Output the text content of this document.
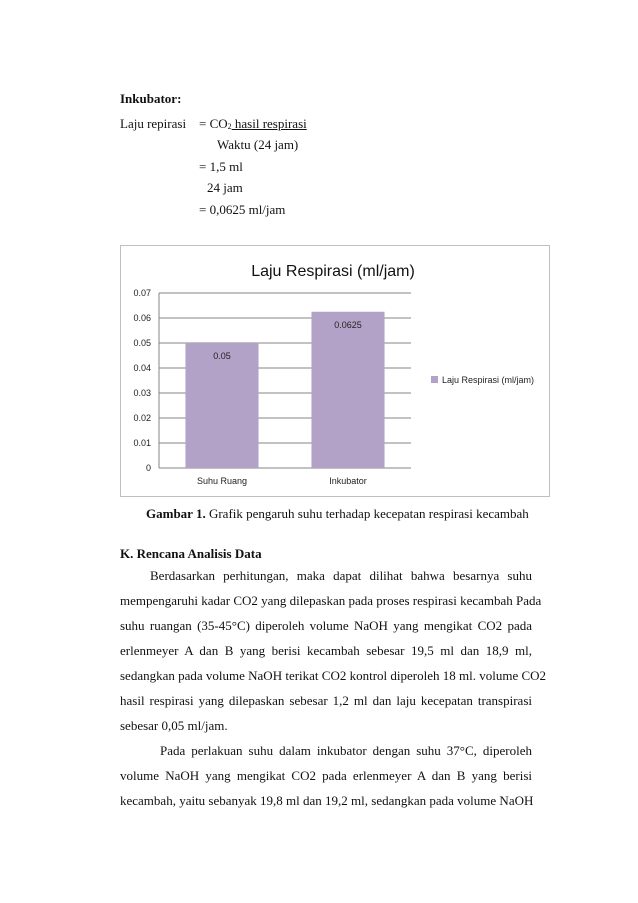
Inkubator:
Laju repirasi = $CO_2$ hasil respirasi
Waktu (24 jam)
= 1,5 ml
24 jam
= 0,0625 ml/jam
Laju Respirasi (ml/jam)
0
0.01
0.02
0.03
0.04
0.05
0.06
0.07
0.05
Suhu Ruang
0.0625
Inkubator
Laju Respirasi (ml/jam)
Gambar 1. Grafik pengaruh suhu terhadap kecepatan respirasi kecambah
K. Rencana Analisis Data
Berdasarkan perhitungan, maka dapat dilihat bahwa besarnya suhu
mempengaruhi kadar CO2 yang dilepaskan pada proses respirasi kecambah Pada
suhu ruangan (35-45°C) diperoleh volume NaOH yang mengikat CO2 pada
erlenmeyer A dan B yang berisi kecambah sebesar 19,5 ml dan 18,9 ml,
sedangkan pada volume NaOH terikat CO2 kontrol diperoleh 18 ml. volume CO2
hasil respirasi yang dilepaskan sebesar 1,2 ml dan laju kecepatan transpirasi
sebesar 0,05 ml/jam.
Pada perlakuan suhu dalam inkubator dengan suhu 37°C, diperoleh
volume NaOH yang mengikat CO2 pada erlenmeyer A dan B yang berisi
kecambah, yaitu sebanyak 19,8 ml dan 19,2 ml, sedangkan pada volume NaOH
